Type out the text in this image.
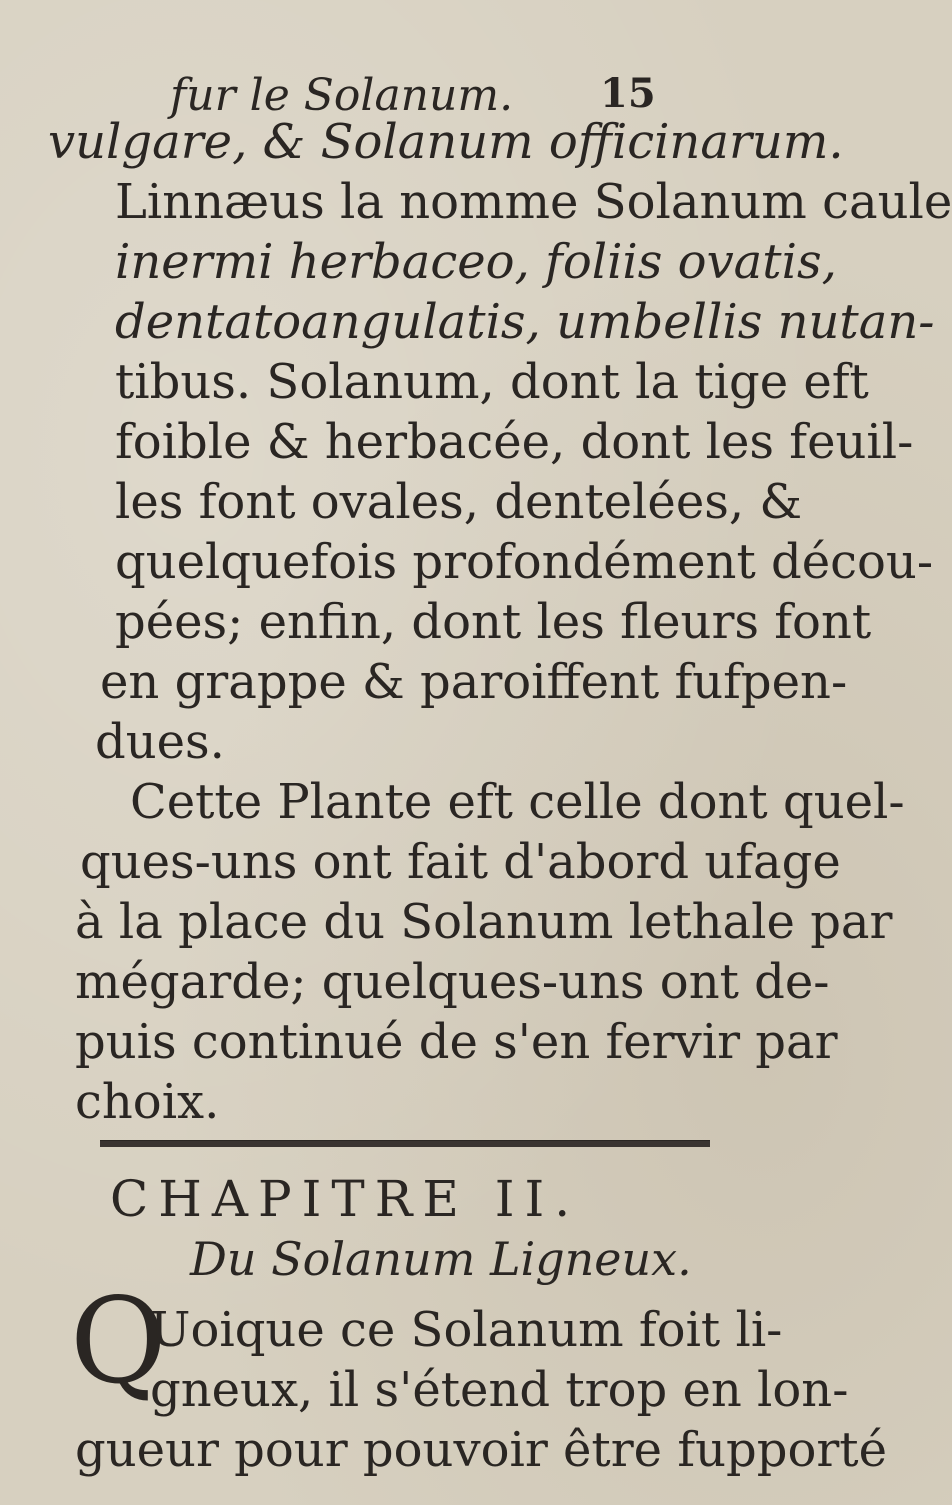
fur le Solanum. 15
vulgare, & Solanum officinarum.
Linnæus la nomme Solanum caule
inermi herbaceo, foliis ovatis,
dentatoangulatis, umbellis nutan-
tibus. Solanum, dont la tige eft
foible & herbacée, dont les feuil-
les font ovales, dentelées, &
quelquefois profondément décou-
pées; enfin, dont les fleurs font
en grappe & paroiffent fufpen-
dues.
Cette Plante eft celle dont quel-
ques-uns ont fait d'abord ufage
à la place du Solanum lethale par
mégarde; quelques-uns ont de-
puis continué de s'en fervir par
choix.
CHAPITRE II.
Du Solanum Ligneux.
Q
Uoique ce Solanum foit li-
gneux, il s'étend trop en lon-
gueur pour pouvoir être fupporté
